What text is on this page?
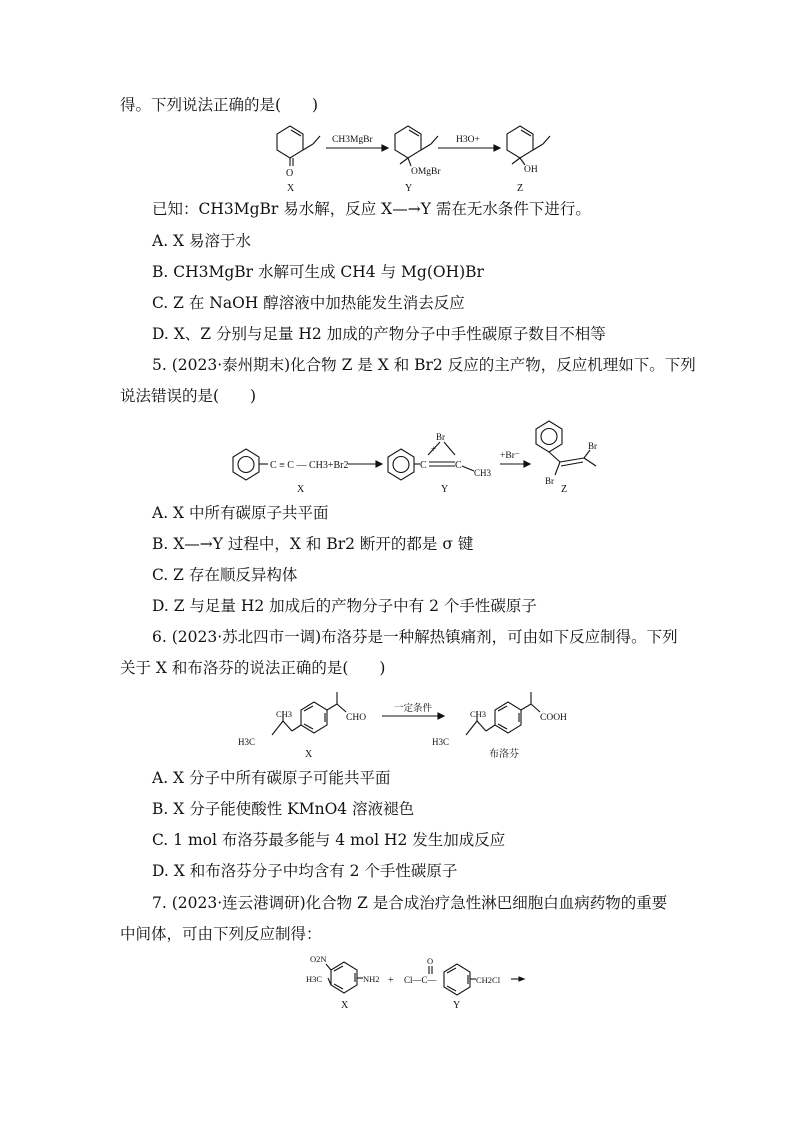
得。下列说法正确的是(　　)
O
X
CH3MgBr
OMgBr
Y
H3O+
OH
Z
已知：CH3MgBr 易水解，反应 X—→Y 需在无水条件下进行。
A. X 易溶于水
B. CH3MgBr 水解可生成 CH4 与 Mg(OH)Br
C. Z 在 NaOH 醇溶液中加热能发生消去反应
D. X、Z 分别与足量 H2 加成的产物分子中手性碳原子数目不相等
5. (2023·泰州期末)化合物 Z 是 X 和 Br2 反应的主产物，反应机理如下。下列
说法错误的是(　　)
C ≡ C — CH3+Br2
X
C	C
Br
+
CH3
+Br⁻
Y
Br
Br
Z
A. X 中所有碳原子共平面
B. X—→Y 过程中，X 和 Br2 断开的都是 σ 键
C. Z 存在顺反异构体
D. Z 与足量 H2 加成后的产物分子中有 2 个手性碳原子
6. (2023·苏北四市一调)布洛芬是一种解热镇痛剂，可由如下反应制得。下列
关于 X 和布洛芬的说法正确的是(　　)
CH3
H3C
CHO
X
一定条件	CH3
H3C
COOH
布洛芬
A. X 分子中所有碳原子可能共平面
B. X 分子能使酸性 KMnO4 溶液褪色
C. 1 mol 布洛芬最多能与 4 mol H2 发生加成反应
D. X 和布洛芬分子中均含有 2 个手性碳原子
7. (2023·连云港调研)化合物 Z 是合成治疗急性淋巴细胞白血病药物的重要
中间体，可由下列反应制得：
O2N
H3C	NH2
X
+ Cl—C—
O
CH2Cl
Y
